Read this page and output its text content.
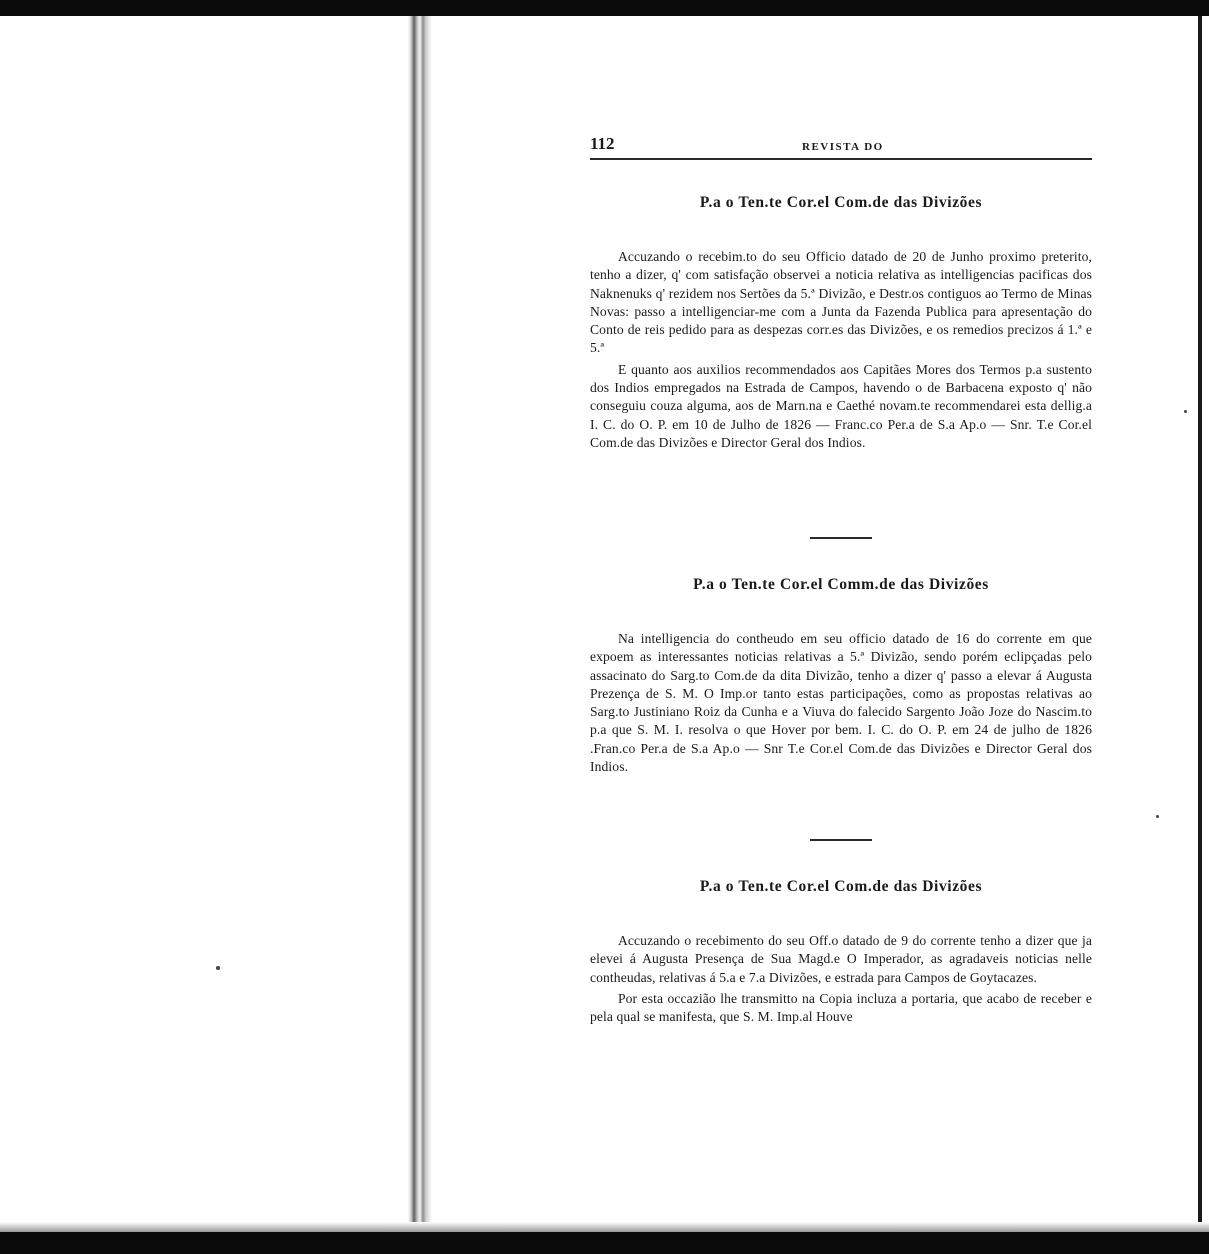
112	REVISTA DO
P.a o Ten.te Cor.el Com.de das Divizões

Accuzando o recebim.to do seu Officio datado de 20 de Junho proximo preterito, tenho a dizer, q' com satisfação observei a noticia relativa as intelligencias pacificas dos Naknenuks q' rezidem nos Sertões da 5.ª Divizão, e Destr.os contiguos ao Termo de Minas Novas: passo a intelligenciar-me com a Junta da Fazenda Publica para apresentação do Conto de reis pedido para as despezas corr.es das Divizões, e os remedios precizos á 1.ª e 5.ª

E quanto aos auxilios recommendados aos Capitães Mores dos Termos p.a sustento dos Indios empregados na Estrada de Campos, havendo o de Barbacena exposto q' não conseguiu couza alguma, aos de Marn.na e Caethé novam.te recommendarei esta dellig.a I. C. do O. P. em 10 de Julho de 1826 — Franc.co Per.a de S.a Ap.o — Snr. T.e Cor.el Com.de das Divizões e Director Geral dos Indios.

P.a o Ten.te Cor.el Comm.de das Divizões

Na intelligencia do contheudo em seu officio datado de 16 do corrente em que expoem as interessantes noticias relativas a 5.ª Divizão, sendo porém eclipçadas pelo assacinato do Sarg.to Com.de da dita Divizão, tenho a dizer q' passo a elevar á Augusta Prezença de S. M. O Imp.or tanto estas participações, como as propostas relativas ao Sarg.to Justiniano Roiz da Cunha e a Viuva do falecido Sargento João Joze do Nascim.to p.a que S. M. I. resolva o que Hover por bem. I. C. do O. P. em 24 de julho de 1826 .Fran.co Per.a de S.a Ap.o — Snr T.e Cor.el Com.de das Divizões e Director Geral dos Indios.

P.a o Ten.te Cor.el Com.de das Divizões

Accuzando o recebimento do seu Off.o datado de 9 do corrente tenho a dizer que ja elevei á Augusta Presença de Sua Magd.e O Imperador, as agradaveis noticias nelle contheudas, relativas á 5.a e 7.a Divizões, e estrada para Campos de Goytacazes.

Por esta occazião lhe transmitto na Copia incluza a portaria, que acabo de receber e pela qual se manifesta, que S. M. Imp.al Houve
